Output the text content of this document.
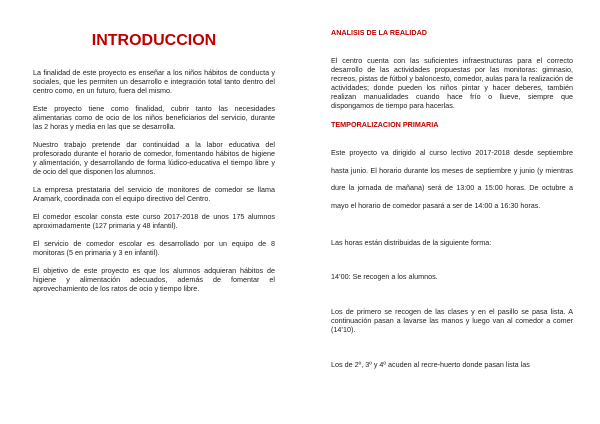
INTRODUCCION

La finalidad de este proyecto es enseñar a los niños hábitos de conducta y sociales, que les permiten un desarrollo e integración total tanto dentro del centro como, en un futuro, fuera del mismo.

Este proyecto tiene como finalidad, cubrir tanto las necesidades alimentarias como de ocio de los niños beneficiarios del servicio, durante las 2 horas y media en las que se desarrolla.

Nuestro trabajo pretende dar continuidad a la labor educativa del profesorado durante el horario de comedor, fomentando hábitos de higiene y alimentación, y desarrollando de forma lúdico-educativa el tiempo libre y de ocio del que disponen los alumnos.

La empresa prestataria del servicio de monitores de comedor se llama Aramark, coordinada con el equipo directivo del Centro.

El comedor escolar consta este curso 2017-2018 de unos 175 alumnos aproximadamente (127 primaria y 48 infantil).

El servicio de comedor escolar es desarrollado por un equipo de 8 monitoras (5 en primaria y 3 en infantil).

El objetivo de este proyecto es que los alumnos adquieran hábitos de higiene y alimentación adecuados, además de fomentar el aprovechamiento de los ratos de ocio y tiempo libre.

ANALISIS DE LA REALIDAD

El centro cuenta con las suficientes infraestructuras para el correcto desarrollo de las actividades propuestas por las monitoras: gimnasio, recreos, pistas de fútbol y baloncesto, comedor, aulas para la realización de actividades; donde pueden los niños pintar y hacer deberes, también realizan manualidades cuando hace frío o llueve, siempre que dispongamos de tiempo para hacerlas.

TEMPORALIZACION PRIMARIA

Este proyecto va dirigido al curso lectivo 2017-2018 desde septiembre hasta junio. El horario durante los meses de septiembre y junio (y mientras dure la jornada de mañana) será de 13:00 a 15:00 horas. De octubre a mayo el horario de comedor pasará a ser de 14:00 a 16:30 horas.

Las horas están distribuidas de la siguiente forma:

14’00: Se recogen a los alumnos.

Los de primero se recogen de las clases y en el pasillo se pasa lista. A continuación pasan a lavarse las manos y luego van al comedor a comer (14’10).

Los de 2º, 3º y 4º acuden al recre-huerto donde pasan lista las
